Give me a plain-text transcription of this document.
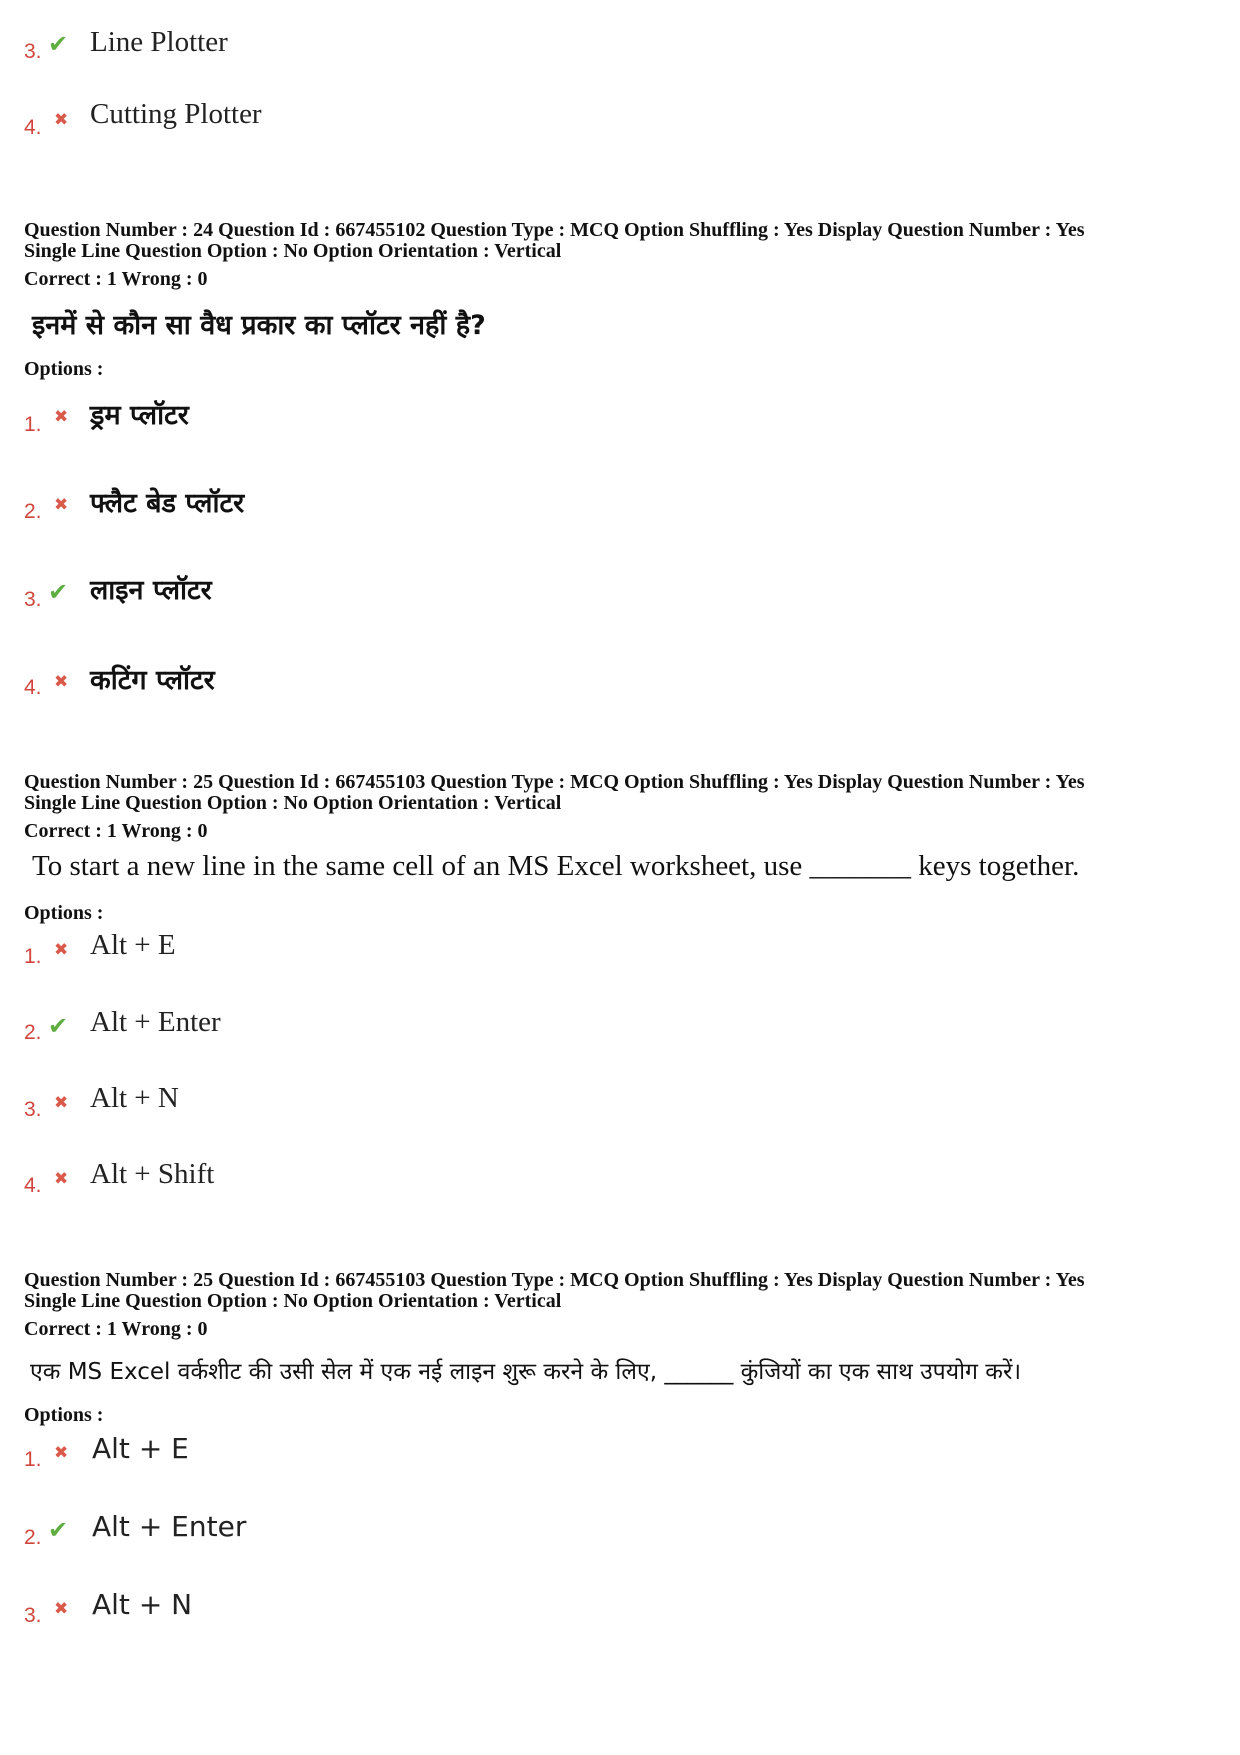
3. ✔ Line Plotter
4. ✖ Cutting Plotter
Question Number : 24 Question Id : 667455102 Question Type : MCQ Option Shuffling : Yes Display Question Number : Yes
Single Line Question Option : No Option Orientation : Vertical
Correct : 1 Wrong : 0
इनमें से कौन सा वैध प्रकार का प्लॉटर नहीं है?
Options :
1. ✖ ड्रम प्लॉटर
2. ✖ फ्लैट बेड प्लॉटर
3. ✔ लाइन प्लॉटर
4. ✖ कटिंग प्लॉटर
Question Number : 25 Question Id : 667455103 Question Type : MCQ Option Shuffling : Yes Display Question Number : Yes
Single Line Question Option : No Option Orientation : Vertical
Correct : 1 Wrong : 0
To start a new line in the same cell of an MS Excel worksheet, use _______ keys together.
Options :
1. ✖ Alt + E
2. ✔ Alt + Enter
3. ✖ Alt + N
4. ✖ Alt + Shift
Question Number : 25 Question Id : 667455103 Question Type : MCQ Option Shuffling : Yes Display Question Number : Yes
Single Line Question Option : No Option Orientation : Vertical
Correct : 1 Wrong : 0
एक MS Excel वर्कशीट की उसी सेल में एक नई लाइन शुरू करने के लिए, ______ कुंजियों का एक साथ उपयोग करें।
Options :
1. ✖ Alt + E
2. ✔ Alt + Enter
3. ✖ Alt + N
